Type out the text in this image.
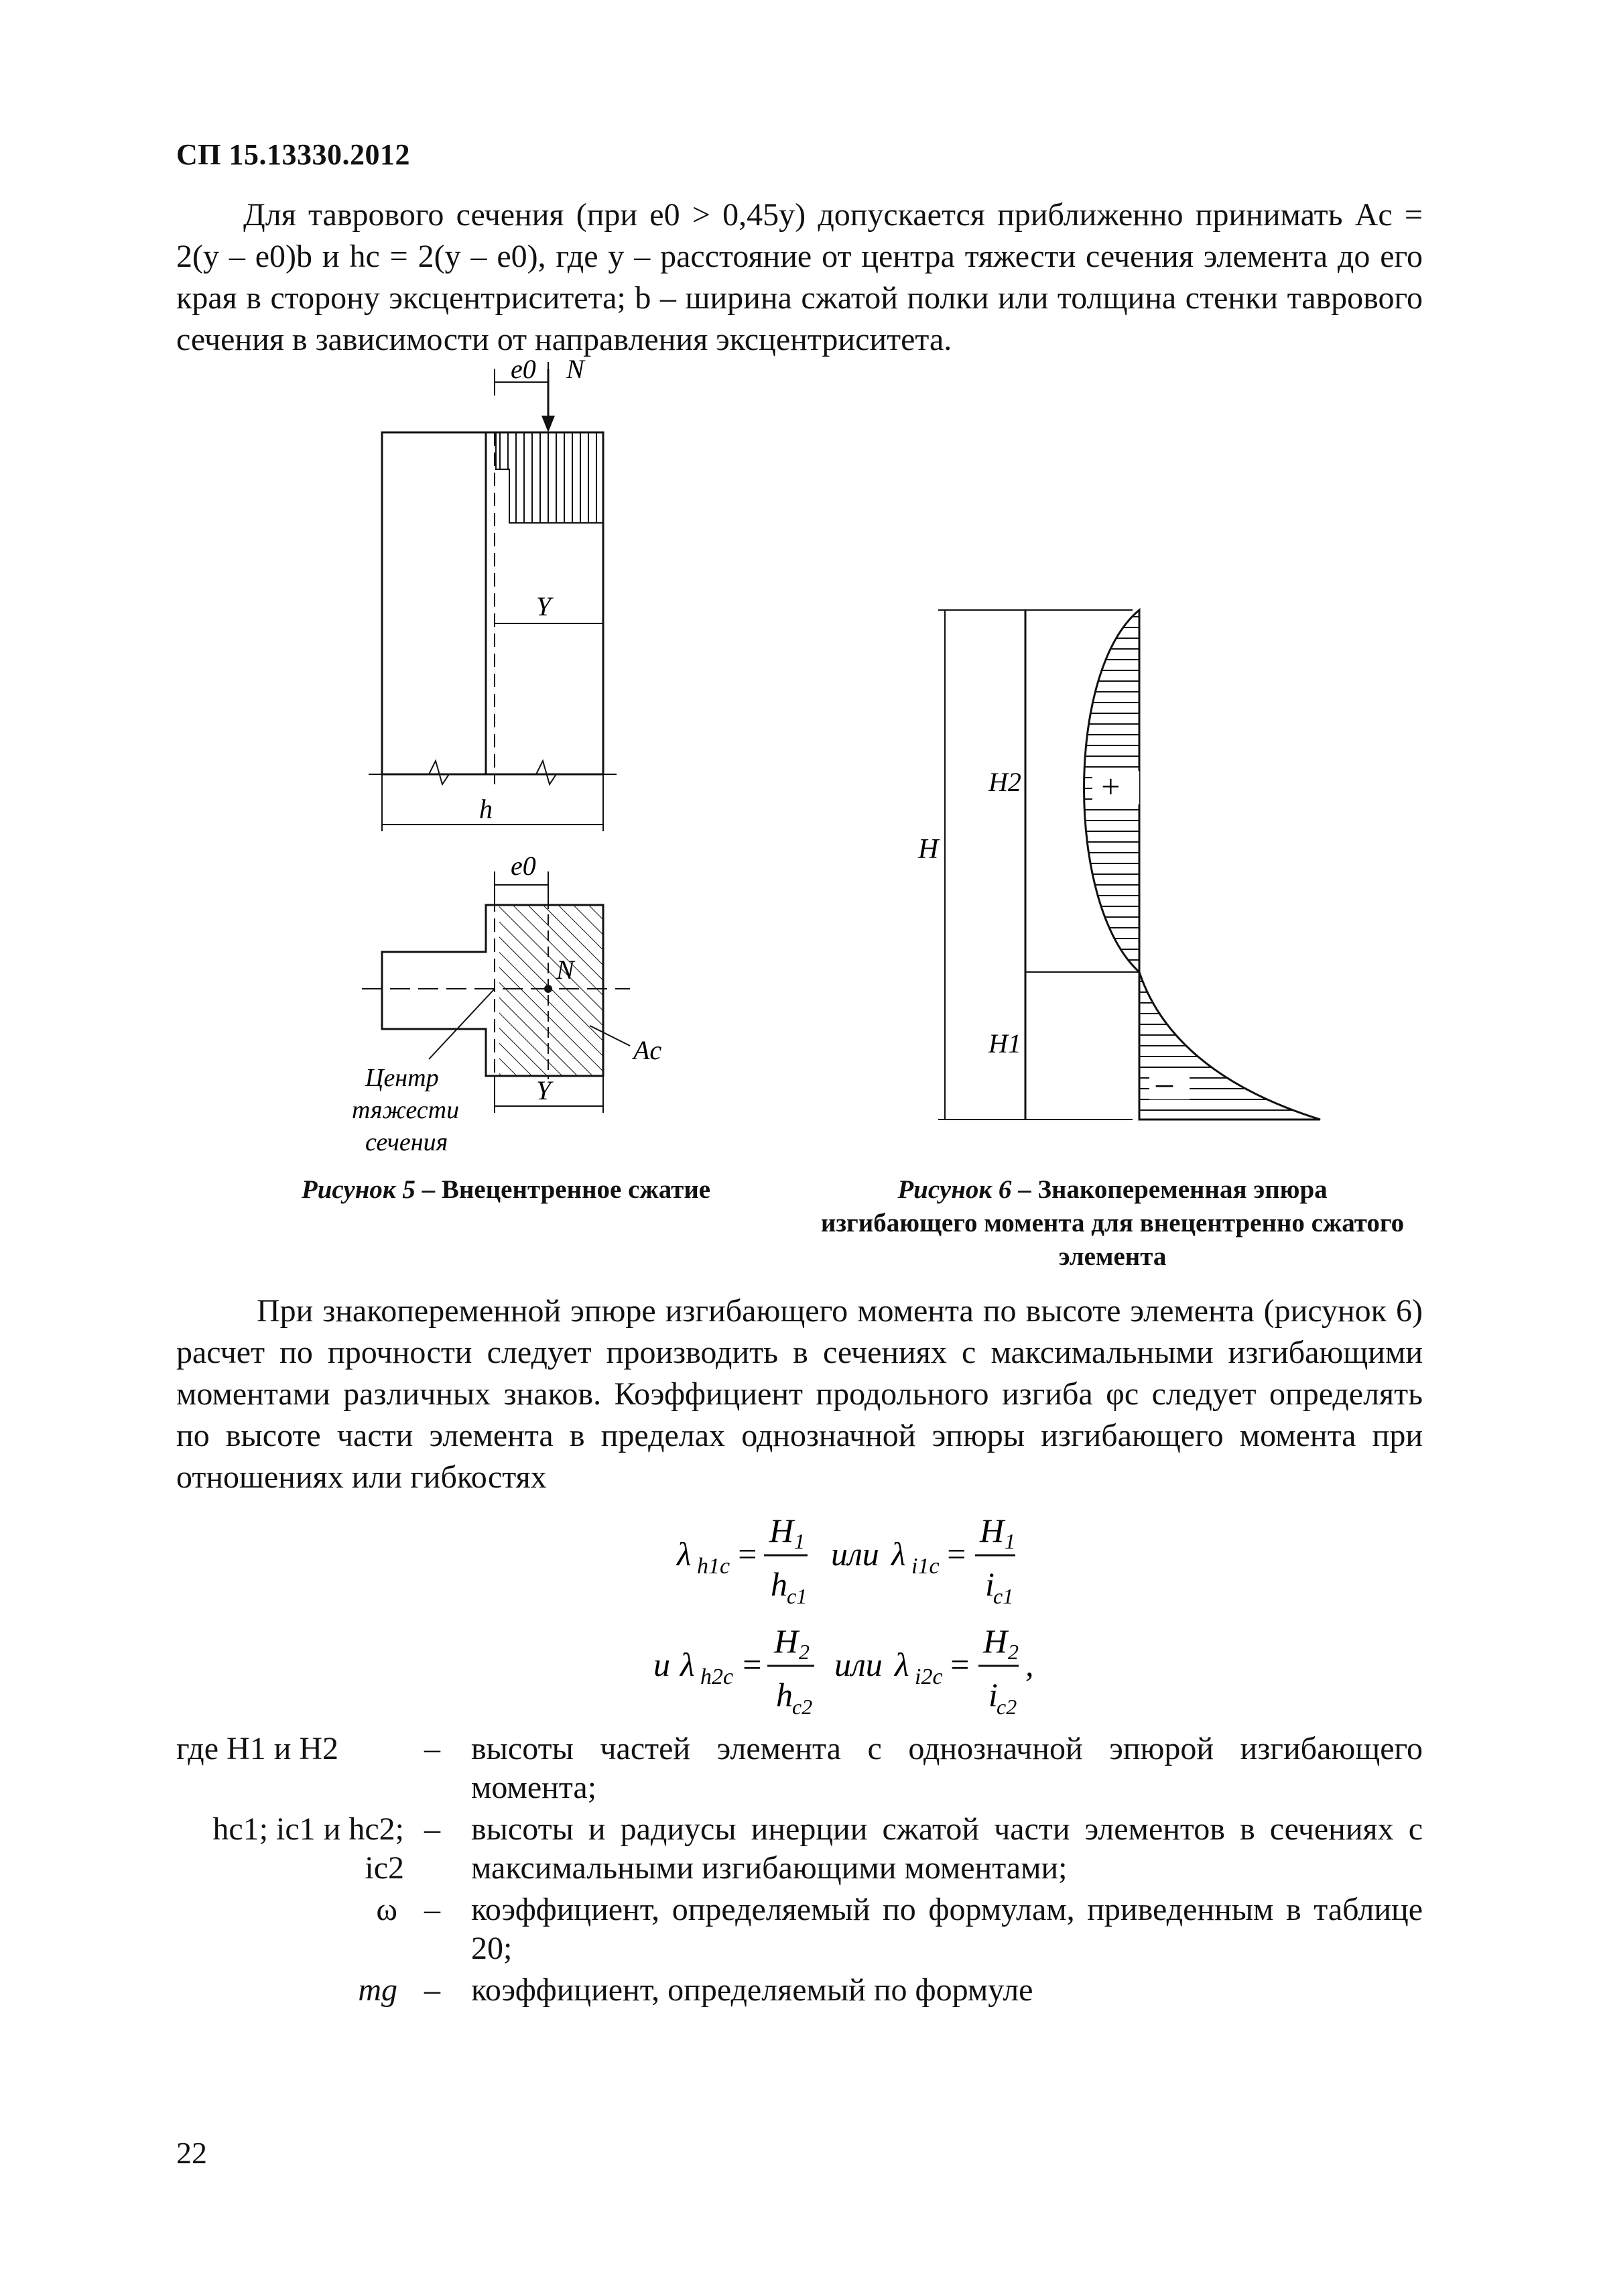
СП 15.13330.2012
Для таврового сечения (при e0 > 0,45y) допускается приближенно принимать Ac = 2(y – e0)b и hc = 2(y – e0), где y – расстояние от центра тяжести сечения элемента до его края в сторону эксцентриситета; b – ширина сжатой полки или толщина стенки таврового сечения в зависимости от направления эксцентриситета.
e0 N
Y
h
e0
N
Ac
Центр
тяжести
сечения
Y
Рисунок 5 – Внецентренное сжатие
H
H2
H1
+
–
Рисунок 6 – Знакопеременная эпюра
изгибающего момента для внецентренно сжатого
элемента
При знакопеременной эпюре изгибающего момента по высоте элемента (рисунок 6) расчет по прочности следует производить в сечениях с максимальными изгибающими моментами различных знаков. Коэффициент продольного изгиба φc следует определять по высоте части элемента в пределах однозначной эпюры изгибающего момента при отношениях или гибкостях
λ h1c =
H 1
h c1
или λ i1c =
H 1
i
c1
и λ h2c =
H 2
h c2
или λ i2c =
H 2
i
c2
,
где H1 и H2	– высоты частей элемента с однозначной эпюрой изгибающего момента;
hc1; ic1 и hc2; ic2
– высоты и радиусы инерции сжатой части элементов в сечениях с максимальными изгибающими моментами;
ω – коэффициент, определяемый по формулам, приведенным в таблице 20;
mg – коэффициент, определяемый по формуле
22
